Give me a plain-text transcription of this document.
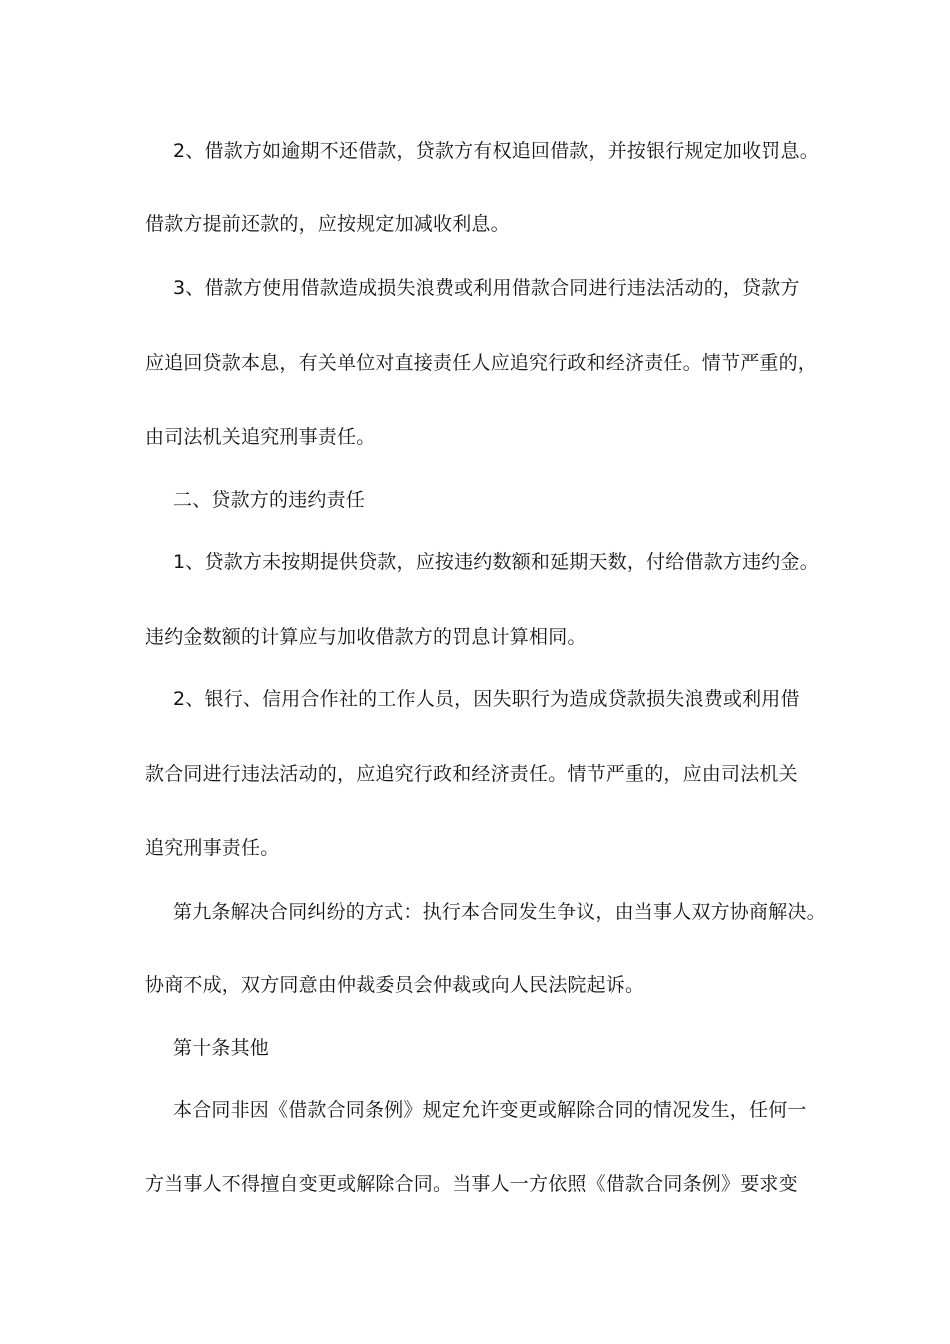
2、借款方如逾期不还借款，贷款方有权追回借款，并按银行规定加收罚息。
借款方提前还款的，应按规定加减收利息。
3、借款方使用借款造成损失浪费或利用借款合同进行违法活动的，贷款方
应追回贷款本息，有关单位对直接责任人应追究行政和经济责任。情节严重的，
由司法机关追究刑事责任。
二、贷款方的违约责任
1、贷款方未按期提供贷款，应按违约数额和延期天数，付给借款方违约金。
违约金数额的计算应与加收借款方的罚息计算相同。
2、银行、信用合作社的工作人员，因失职行为造成贷款损失浪费或利用借
款合同进行违法活动的，应追究行政和经济责任。情节严重的，应由司法机关
追究刑事责任。
第九条解决合同纠纷的方式：执行本合同发生争议，由当事人双方协商解决。
协商不成，双方同意由仲裁委员会仲裁或向人民法院起诉。
第十条其他
本合同非因《借款合同条例》规定允许变更或解除合同的情况发生，任何一
方当事人不得擅自变更或解除合同。当事人一方依照《借款合同条例》要求变
